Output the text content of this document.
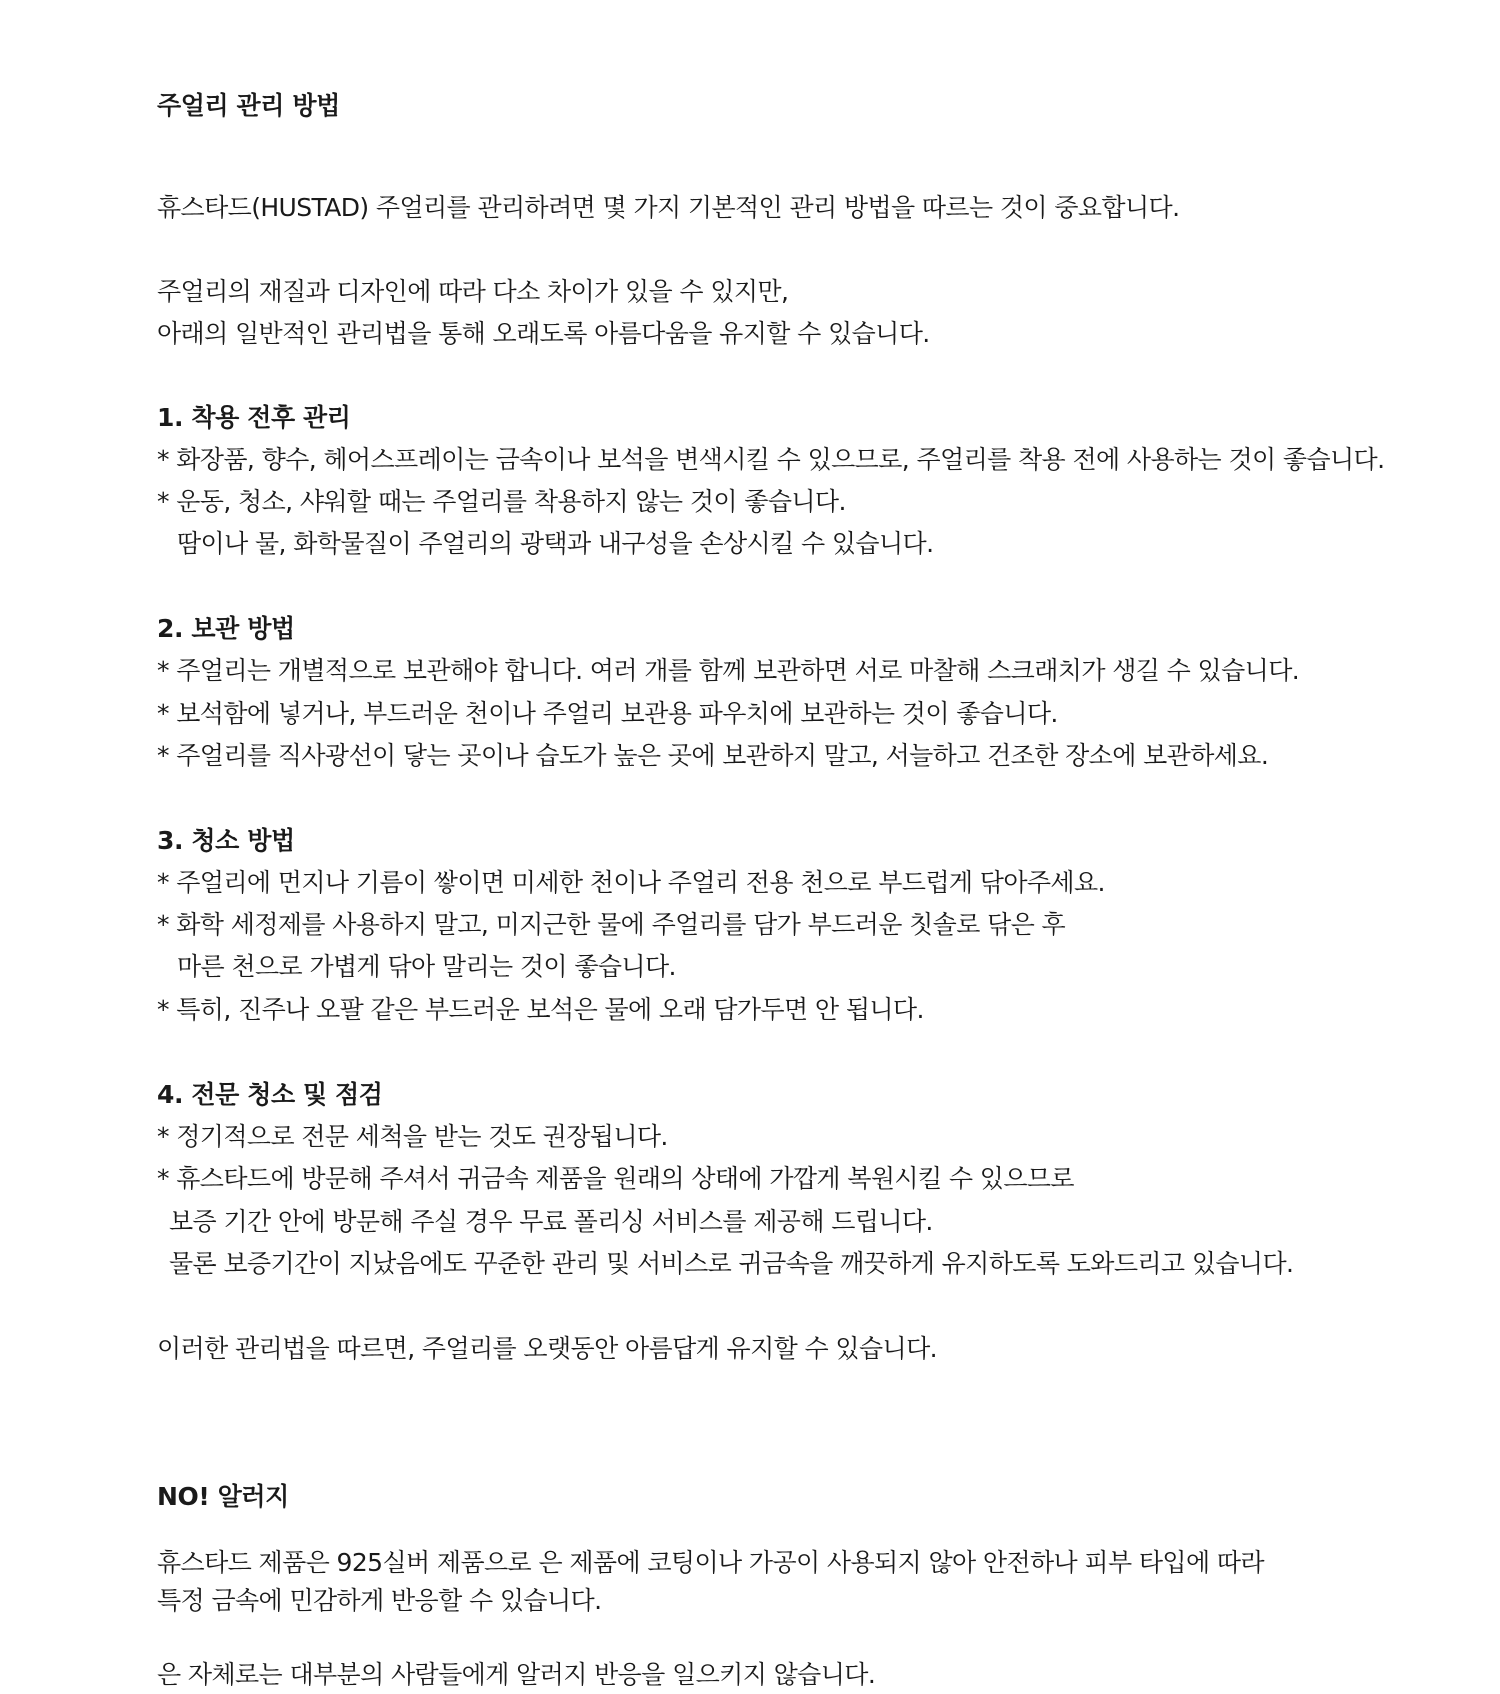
주얼리 관리 방법
휴스타드(HUSTAD) 주얼리를 관리하려면 몇 가지 기본적인 관리 방법을 따르는 것이 중요합니다.
주얼리의 재질과 디자인에 따라 다소 차이가 있을 수 있지만,
아래의 일반적인 관리법을 통해 오래도록 아름다움을 유지할 수 있습니다.
1. 착용 전후 관리
* 화장품, 향수, 헤어스프레이는 금속이나 보석을 변색시킬 수 있으므로, 주얼리를 착용 전에 사용하는 것이 좋습니다.
* 운동, 청소, 샤워할 때는 주얼리를 착용하지 않는 것이 좋습니다.
땀이나 물, 화학물질이 주얼리의 광택과 내구성을 손상시킬 수 있습니다.
2. 보관 방법
* 주얼리는 개별적으로 보관해야 합니다. 여러 개를 함께 보관하면 서로 마찰해 스크래치가 생길 수 있습니다.
* 보석함에 넣거나, 부드러운 천이나 주얼리 보관용 파우치에 보관하는 것이 좋습니다.
* 주얼리를 직사광선이 닿는 곳이나 습도가 높은 곳에 보관하지 말고, 서늘하고 건조한 장소에 보관하세요.
3. 청소 방법
* 주얼리에 먼지나 기름이 쌓이면 미세한 천이나 주얼리 전용 천으로 부드럽게 닦아주세요.
* 화학 세정제를 사용하지 말고, 미지근한 물에 주얼리를 담가 부드러운 칫솔로 닦은 후
마른 천으로 가볍게 닦아 말리는 것이 좋습니다.
* 특히, 진주나 오팔 같은 부드러운 보석은 물에 오래 담가두면 안 됩니다.
4. 전문 청소 및 점검
* 정기적으로 전문 세척을 받는 것도 권장됩니다.
* 휴스타드에 방문해 주셔서 귀금속 제품을 원래의 상태에 가깝게 복원시킬 수 있으므로
보증 기간 안에 방문해 주실 경우 무료 폴리싱 서비스를 제공해 드립니다.
물론 보증기간이 지났음에도 꾸준한 관리 및 서비스로 귀금속을 깨끗하게 유지하도록 도와드리고 있습니다.
이러한 관리법을 따르면, 주얼리를 오랫동안 아름답게 유지할 수 있습니다.
NO! 알러지
휴스타드 제품은 925실버 제품으로 은 제품에 코팅이나 가공이 사용되지 않아 안전하나 피부 타입에 따라
특정 금속에 민감하게 반응할 수 있습니다.
은 자체로는 대부분의 사람들에게 알러지 반응을 일으키지 않습니다.
